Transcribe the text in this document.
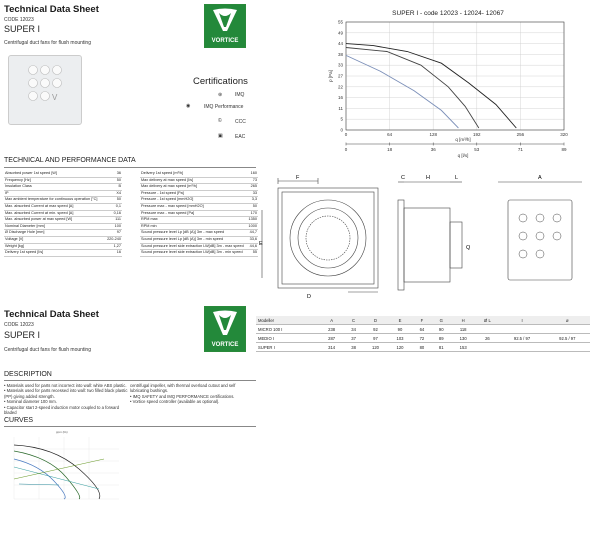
Technical Data Sheet
CODE 12023
SUPER I
Centrifugal duct fans for flush mounting	VORTICE
V
Certifications
⊛	IMQ
◉	IMQ Performance
©	CCC
▣ EAC
SUPER I - code 12023 - 12024- 12067
0
5
11
16
22
27
33
38
44
49
55
0	64	128	192	256	320
0	18	36	53	71	89
q [m³/h]
q [l/s]
p [Pa]
TECHNICAL AND PERFORMANCE DATA
Absorbed power 1st speed [W]	36
Frequency [Hz]	50
Insulation Class	B
IP	X4
Max ambient temperature for continuous operation [°C]	50
Max. absorbed Current at max speed [A]	0,1
Max. absorbed Current at min. speed [A]	0,16
Max. absorbed power at max speed [W]	111
Nominal Diameter [mm]	100
Ø Discharge Hole [mm]	97
Voltage [V]	220-240
Weight [kg]	1,27
Delivery 1st speed [l/s]	16
Delivery 1st speed [m³/h]	160
Max delivery at max speed [l/s]	73
Max delivery at max speed [m³/h]	265
Pressure - 1st speed [Pa]	33
Pressure - 1st speed [mmH2O]	3,3
Pressure max - max speed [mmH2O]	50
Pressure max - max speed [Pa]	170
RPM max	1350
RPM min	1000
Sound pressure level Lp [dB (A)] 3m - max speed	44,7
Sound pressure level Lp [dB (A)] 3m - min speed	33,6
Sound pressure level side extraction LW[dB] 3m - max speed	44,6
Sound pressure level side extraction LW[dB] 3m - min speed	55
F
E
D
C	H	L
Q
A
Technical Data Sheet
CODE 12023
SUPER I
Centrifugal duct fans for flush mounting
VORTICE
Modeller	A	C	D	E	F	G	H	Ø L	I	ø
MICRO 100 I	238	34	92	90	64	90	118			
MEDIO I	287	37	97	103	72	89	130	26	92.5 / 97	92.5 / 97
SUPER I	314	38	120	120	80	81	153			
DESCRIPTION
• Materials used for parts not incorrect into wall: white ABS plastic.
• Materials used for parts recessed into wall: two filled black plastic (PP) giving added strength.
• Nominal diameter 100 mm.
• Capacitor start 2-speed induction motor coupled to a forward bladed
centrifugal impeller, with thermal overload cutout and self lubricating bushings.
• IMQ SAFETY and IMQ PERFORMANCE certifications.
• Vortice speed controller (available as optional).
CURVES
ppm (l/s)
